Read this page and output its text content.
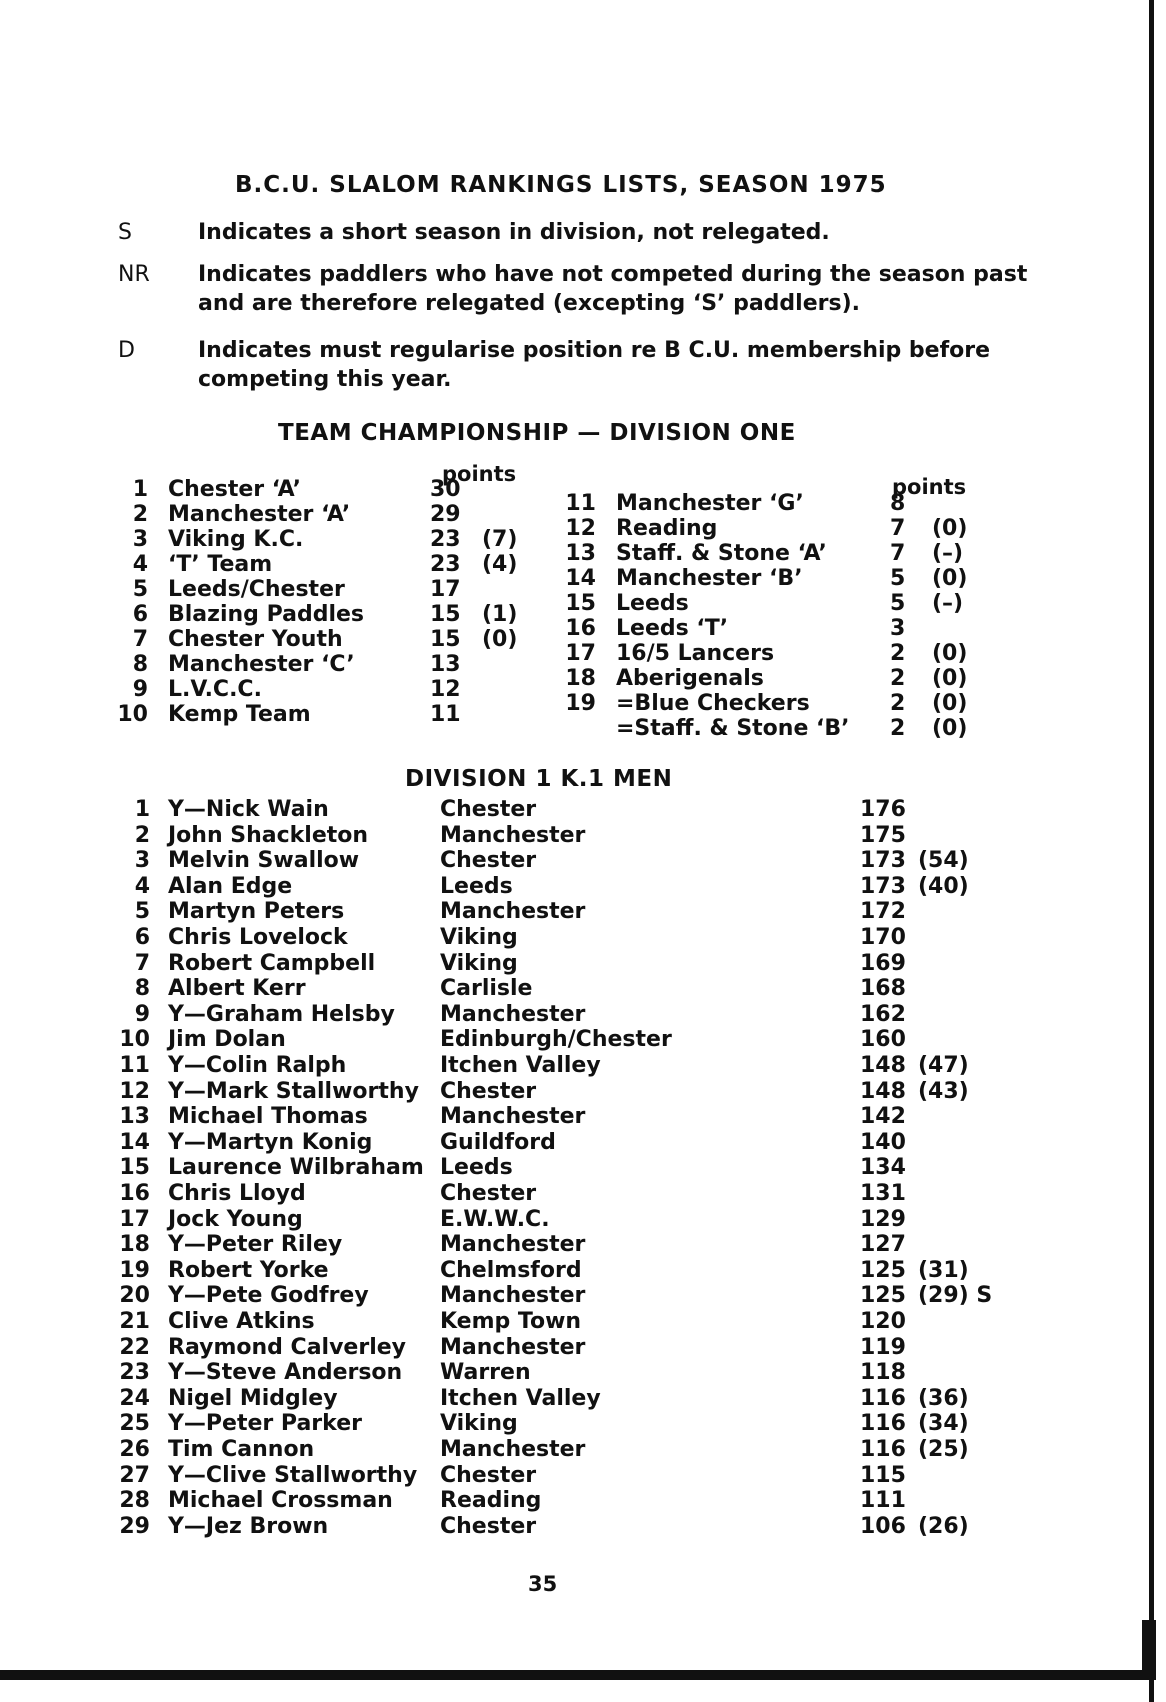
B.C.U. SLALOM RANKINGS LISTS, SEASON 1975
S	Indicates a short season in division, not relegated.
NR Indicates paddlers who have not competed during the season past and are therefore relegated (excepting ‘S’ paddlers).
D	Indicates must regularise position re B C.U. membership before competing this year.
TEAM CHAMPIONSHIP — DIVISION ONE
points
points
1 Chester ‘A’	30
2 Manchester ‘A’	29
3 Viking K.C.	23 (7)
4 ‘T’ Team	23 (4)
5 Leeds/Chester	17
6 Blazing Paddles	15 (1)
7 Chester Youth	15 (0)
8 Manchester ‘C’	13
9 L.V.C.C.	12
10 Kemp Team	11
11 Manchester ‘G’	8
12 Reading	7 (0)
13 Staff. & Stone ‘A’	7 (–)
14 Manchester ‘B’	5 (0)
15 Leeds	5 (–)
16 Leeds ‘T’	3
17 16/5 Lancers	2 (0)
18 Aberigenals	2 (0)
19 =Blue Checkers	2 (0)
=Staff. & Stone ‘B’ 2 (0)
DIVISION 1 K.1 MEN
1 Y—Nick Wain	Chester	176
2 John Shackleton	Manchester	175
3 Melvin Swallow	Chester	173 (54)
4 Alan Edge	Leeds	173 (40)
5 Martyn Peters	Manchester	172
6 Chris Lovelock	Viking	170
7 Robert Campbell	Viking	169
8 Albert Kerr	Carlisle	168
9 Y—Graham Helsby Manchester	162
10 Jim Dolan	Edinburgh/Chester	160
11 Y—Colin Ralph	Itchen Valley	148 (47)
12 Y—Mark Stallworthy Chester	148 (43)
13 Michael Thomas	Manchester	142
14 Y—Martyn Konig	Guildford	140
15 Laurence Wilbraham Leeds	134
16 Chris Lloyd	Chester	131
17 Jock Young	E.W.W.C.	129
18 Y—Peter Riley	Manchester	127
19 Robert Yorke	Chelmsford	125 (31)
20 Y—Pete Godfrey	Manchester	125 (29) S
21 Clive Atkins	Kemp Town	120
22 Raymond Calverley Manchester	119
23 Y—Steve Anderson Warren	118
24 Nigel Midgley	Itchen Valley	116 (36)
25 Y—Peter Parker	Viking	116 (34)
26 Tim Cannon	Manchester	116 (25)
27 Y—Clive Stallworthy Chester	115
28 Michael Crossman Reading	111
29 Y—Jez Brown	Chester	106 (26)
35
